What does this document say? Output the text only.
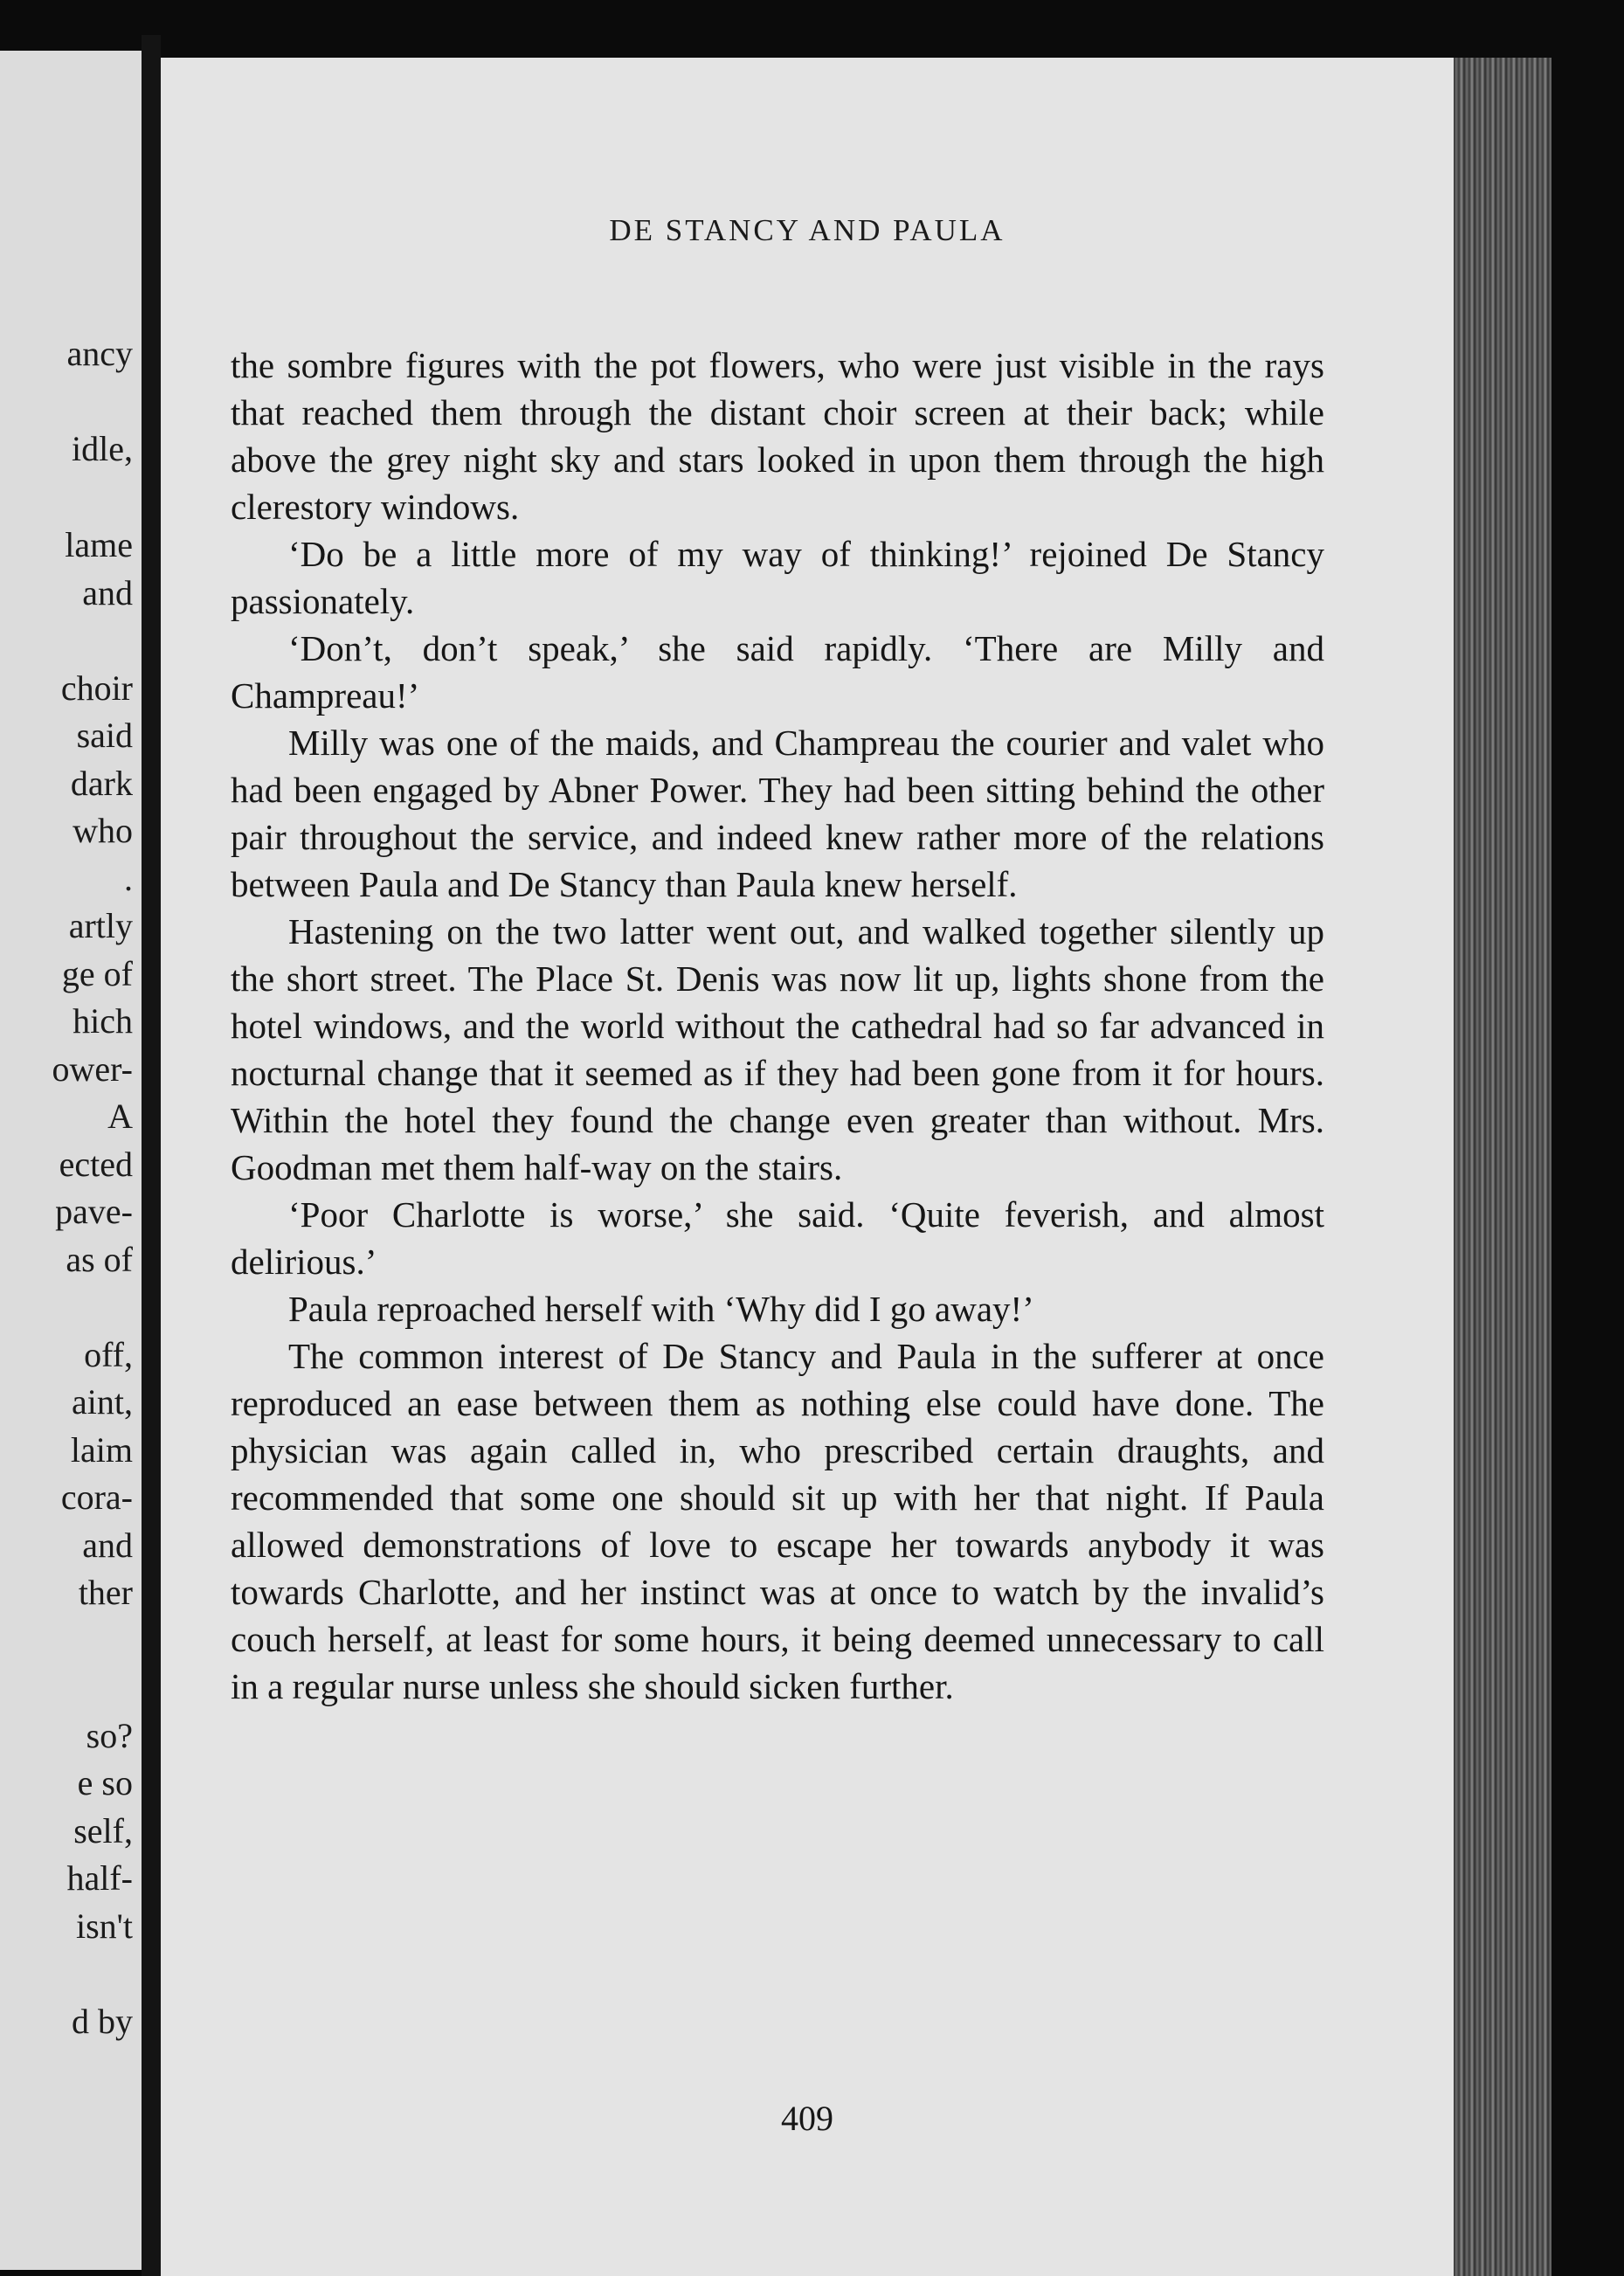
ancy
idle,
lame
and
choir
said
dark
who
.
artly
ge of
hich
ower-
A
ected
pave-
as of
off,
aint,
laim
cora-
and
ther
so?
e so
self,
half-
isn't
d by
DE STANCY AND PAULA

the sombre figures with the pot flowers, who were just visible in the rays that reached them through the distant choir screen at their back; while above the grey night sky and stars looked in upon them through the high clerestory windows.

‘Do be a little more of my way of thinking!’ rejoined De Stancy passionately.

‘Don’t, don’t speak,’ she said rapidly. ‘There are Milly and Champreau!’

Milly was one of the maids, and Champreau the courier and valet who had been engaged by Abner Power. They had been sitting behind the other pair throughout the service, and indeed knew rather more of the relations between Paula and De Stancy than Paula knew herself.

Hastening on the two latter went out, and walked together silently up the short street. The Place St. Denis was now lit up, lights shone from the hotel windows, and the world without the cathedral had so far advanced in nocturnal change that it seemed as if they had been gone from it for hours. Within the hotel they found the change even greater than without. Mrs. Goodman met them half-way on the stairs.

‘Poor Charlotte is worse,’ she said. ‘Quite feverish, and almost delirious.’

Paula reproached herself with ‘Why did I go away!’

The common interest of De Stancy and Paula in the sufferer at once reproduced an ease between them as nothing else could have done. The physician was again called in, who prescribed certain draughts, and recommended that some one should sit up with her that night. If Paula allowed demonstrations of love to escape her towards anybody it was towards Charlotte, and her instinct was at once to watch by the invalid’s couch herself, at least for some hours, it being deemed unnecessary to call in a regular nurse unless she should sicken further.

409
